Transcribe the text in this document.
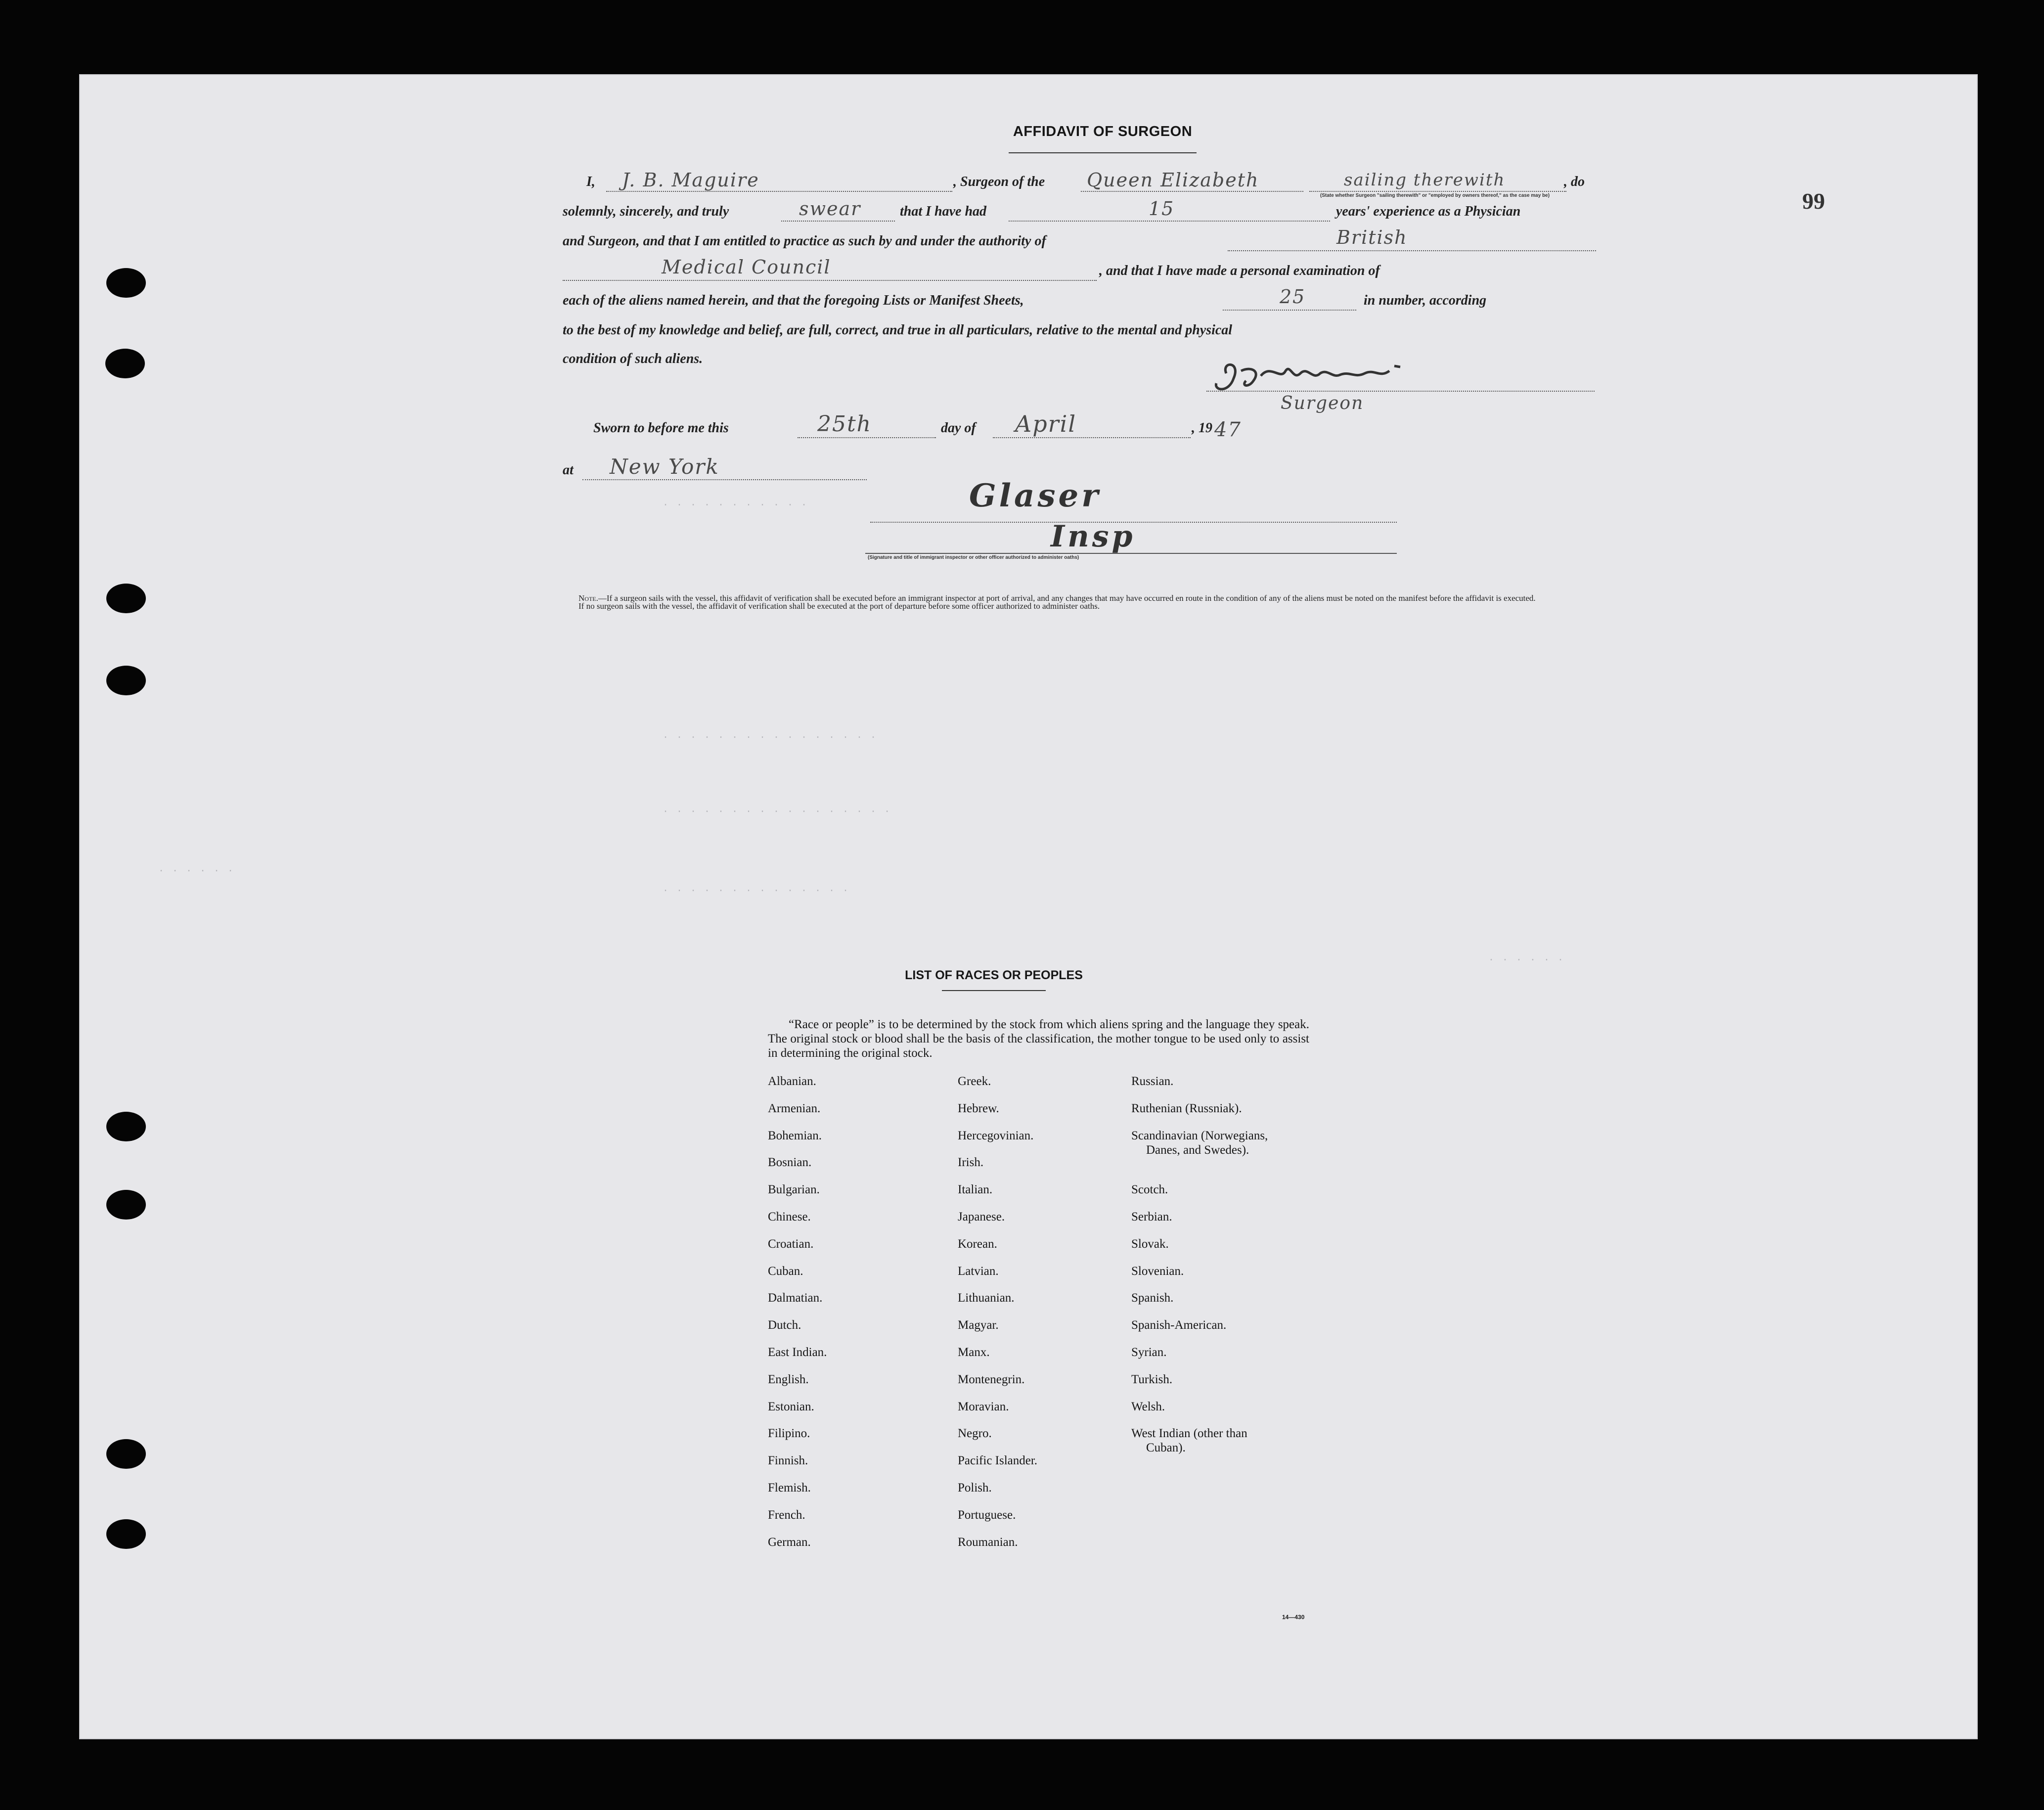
99
· · · · · · · · · · ·
· · · · · · · · · · · · · · · ·
· · · · · · · · · · · · · · · · ·
· · · · · · · · · · · · · ·
· · · · · ·
· · · · · ·
AFFIDAVIT OF SURGEON
I, J. B. Maguire	, Surgeon of the Queen Elizabeth	sailing therewith	, do
(State whether Surgeon "sailing therewith" or "employed by owners thereof," as the case may be)
solemnly, sincerely, and truly	swear	that I have had	15	years' experience as a Physician
and Surgeon, and that I am entitled to practice as such by and under the authority of	British
Medical Council	, and that I have made a personal examination of
each of the aliens named herein, and that the foregoing Lists or Manifest Sheets,	25	in number, according
to the best of my knowledge and belief, are full, correct, and true in all particulars, relative to the mental and physical
condition of such aliens.
Surgeon
Sworn to before me this	25th	day of April	, 19 47
at New York
Glaser
Insp
(Signature and title of immigrant inspector or other officer authorized to administer oaths)

Note.—If a surgeon sails with the vessel, this affidavit of verification shall be executed before an immigrant inspector at port of arrival, and any changes that may have occurred en route in the condition of any of the aliens must be noted on the manifest before the affidavit is executed.

If no surgeon sails with the vessel, the affidavit of verification shall be executed at the port of departure before some officer authorized to administer oaths.

LIST OF RACES OR PEOPLES
“Race or people” is to be determined by the stock from which aliens spring and the language they speak. The original stock or blood shall be the basis of the classification, the mother tongue to be used only to assist in determining the original stock.
Albanian.
Armenian.
Bohemian.
Bosnian.
Bulgarian.
Chinese.
Croatian.
Cuban.
Dalmatian.
Dutch.
East Indian.
English.
Estonian.
Filipino.
Finnish.
Flemish.
French.
German.
Greek.
Hebrew.
Hercegovinian.
Irish.
Italian.
Japanese.
Korean.
Latvian.
Lithuanian.
Magyar.
Manx.
Montenegrin.
Moravian.
Negro.
Pacific Islander.
Polish.
Portuguese.
Roumanian.
Russian.
Ruthenian (Russniak).
Scandinavian (Norwegians,
Danes, and Swedes).
Scotch.
Serbian.
Slovak.
Slovenian.
Spanish.
Spanish-American.
Syrian.
Turkish.
Welsh.
West Indian (other than
Cuban).
14—430
